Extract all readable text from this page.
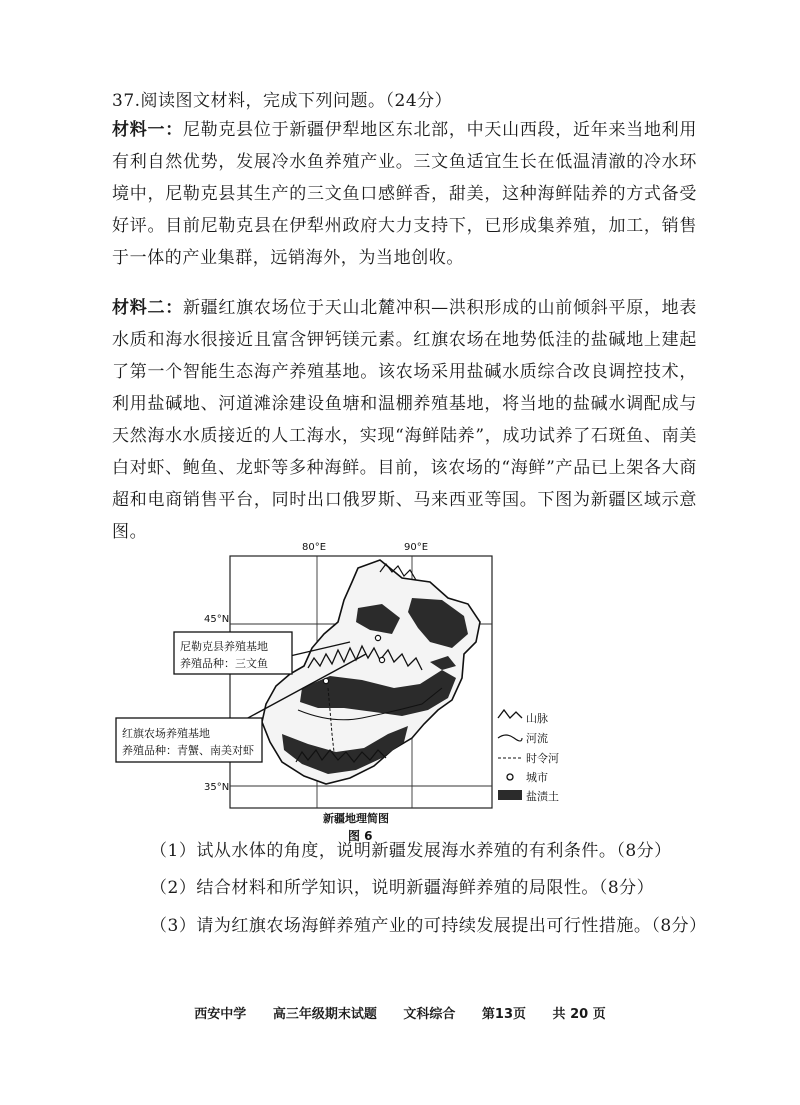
37.阅读图文材料，完成下列问题。（24分）
材料一：尼勒克县位于新疆伊犁地区东北部，中天山西段，近年来当地利用有利自然优势，发展冷水鱼养殖产业。三文鱼适宜生长在低温清澈的冷水环境中，尼勒克县其生产的三文鱼口感鲜香，甜美，这种海鲜陆养的方式备受好评。目前尼勒克县在伊犁州政府大力支持下，已形成集养殖，加工，销售于一体的产业集群，远销海外，为当地创收。
材料二：新疆红旗农场位于天山北麓冲积—洪积形成的山前倾斜平原，地表水质和海水很接近且富含钾钙镁元素。红旗农场在地势低洼的盐碱地上建起了第一个智能生态海产养殖基地。该农场采用盐碱水质综合改良调控技术，利用盐碱地、河道滩涂建设鱼塘和温棚养殖基地，将当地的盐碱水调配成与天然海水水质接近的人工海水，实现“海鲜陆养”，成功试养了石斑鱼、南美白对虾、鲍鱼、龙虾等多种海鲜。目前，该农场的“海鲜”产品已上架各大商超和电商销售平台，同时出口俄罗斯、马来西亚等国。下图为新疆区域示意图。
80°E	90°E
45°N
35°N
尼勒克县养殖基地
养殖品种：三文鱼
红旗农场养殖基地
养殖品种：青蟹、南美对虾
山脉
河流
时令河
城市
盐渍土
新疆地理简图
图 6
（1）试从水体的角度，说明新疆发展海水养殖的有利条件。（8分）
（2）结合材料和所学知识，说明新疆海鲜养殖的局限性。（8分）
（3）请为红旗农场海鲜养殖产业的可持续发展提出可行性措施。（8分）
西安中学 高三年级期末试题 文科综合 第13页 共 20 页
